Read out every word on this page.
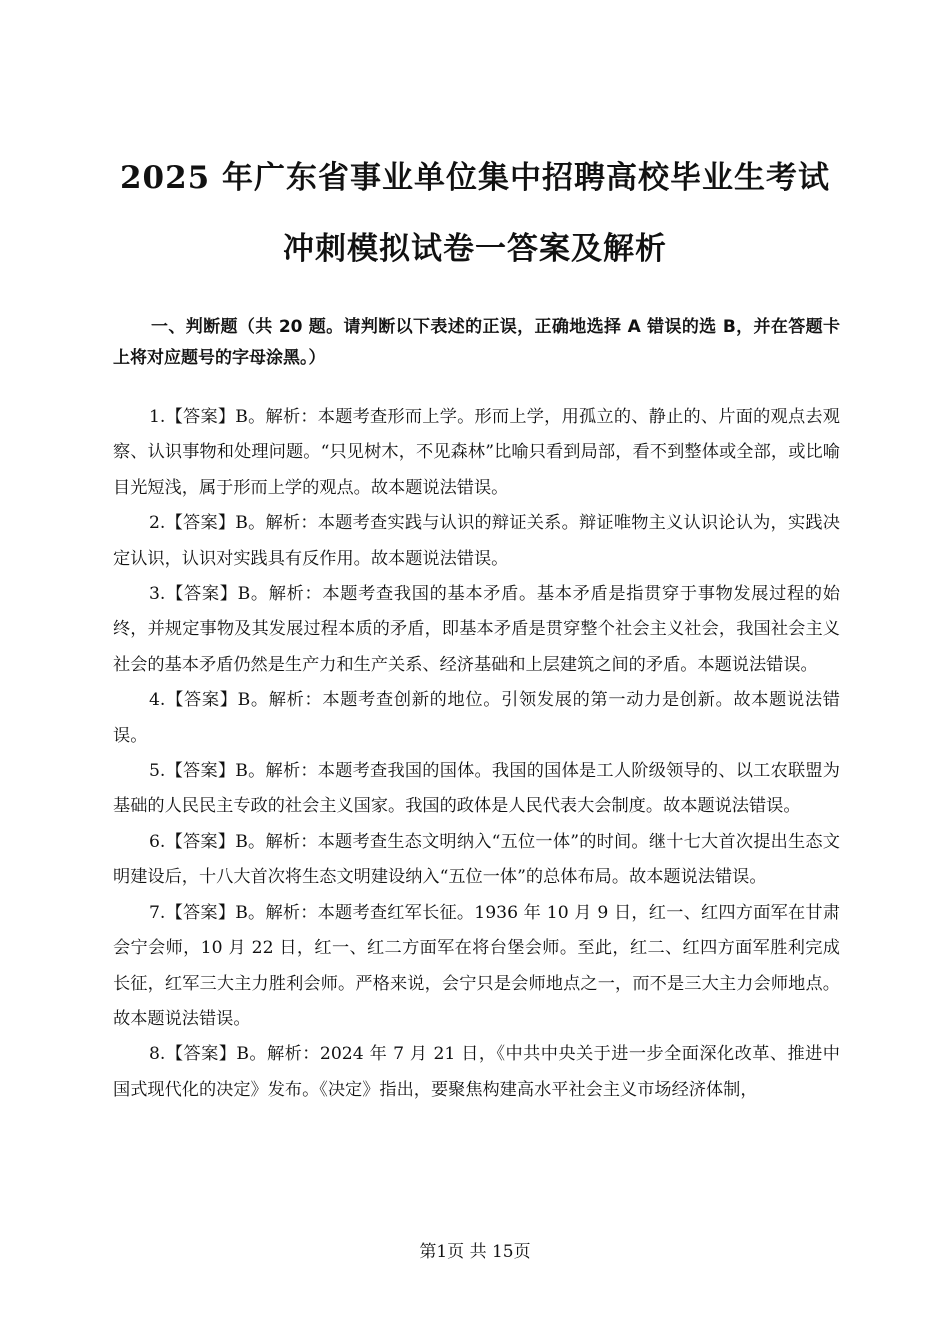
2025 年广东省事业单位集中招聘高校毕业生考试
冲刺模拟试卷一答案及解析
一、判断题（共 20 题。请判断以下表述的正误，正确地选择 A 错误的选 B，并在答题卡上将对应题号的字母涂黑。）

1.【答案】B。解析：本题考查形而上学。形而上学，用孤立的、静止的、片面的观点去观察、认识事物和处理问题。“只见树木，不见森林”比喻只看到局部，看不到整体或全部，或比喻目光短浅，属于形而上学的观点。故本题说法错误。

2.【答案】B。解析：本题考查实践与认识的辩证关系。辩证唯物主义认识论认为，实践决定认识，认识对实践具有反作用。故本题说法错误。

3.【答案】B。解析：本题考查我国的基本矛盾。基本矛盾是指贯穿于事物发展过程的始终，并规定事物及其发展过程本质的矛盾，即基本矛盾是贯穿整个社会主义社会，我国社会主义社会的基本矛盾仍然是生产力和生产关系、经济基础和上层建筑之间的矛盾。本题说法错误。

4.【答案】B。解析：本题考查创新的地位。引领发展的第一动力是创新。故本题说法错误。

5.【答案】B。解析：本题考查我国的国体。我国的国体是工人阶级领导的、以工农联盟为基础的人民民主专政的社会主义国家。我国的政体是人民代表大会制度。故本题说法错误。

6.【答案】B。解析：本题考查生态文明纳入“五位一体”的时间。继十七大首次提出生态文明建设后，十八大首次将生态文明建设纳入“五位一体”的总体布局。故本题说法错误。

7.【答案】B。解析：本题考查红军长征。1936 年 10 月 9 日，红一、红四方面军在甘肃会宁会师，10 月 22 日，红一、红二方面军在将台堡会师。至此，红二、红四方面军胜利完成长征，红军三大主力胜利会师。严格来说，会宁只是会师地点之一，而不是三大主力会师地点。故本题说法错误。

8.【答案】B。解析：2024 年 7 月 21 日，《中共中央关于进一步全面深化改革、推进中国式现代化的决定》发布。《决定》指出，要聚焦构建高水平社会主义市场经济体制，

第1页 共 15页
